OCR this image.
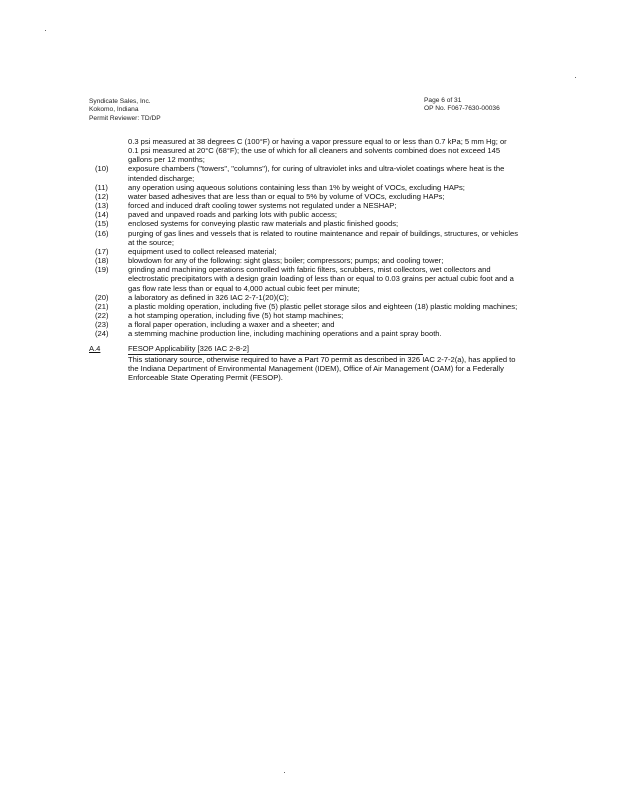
Syndicate Sales, Inc.
Kokomo, Indiana
Permit Reviewer: TD/DP
Page 6 of 31
OP No. F067-7630-00036
0.3 psi measured at 38 degrees C (100°F) or having a vapor pressure equal to or less than 0.7 kPa; 5 mm Hg; or 0.1 psi measured at 20°C (68°F); the use of which for all cleaners and solvents combined does not exceed 145 gallons per 12 months;
(10)	exposure chambers ("towers", "columns"), for curing of ultraviolet inks and ultra-violet coatings where heat is the intended discharge;
(11)	any operation using aqueous solutions containing less than 1% by weight of VOCs, excluding HAPs;
(12)	water based adhesives that are less than or equal to 5% by volume of VOCs, excluding HAPs;
(13)	forced and induced draft cooling tower systems not regulated under a NESHAP;
(14)	paved and unpaved roads and parking lots with public access;
(15)	enclosed systems for conveying plastic raw materials and plastic finished goods;
(16)	purging of gas lines and vessels that is related to routine maintenance and repair of buildings, structures, or vehicles at the source;
(17)	equipment used to collect released material;
(18)	blowdown for any of the following: sight glass; boiler; compressors; pumps; and cooling tower;
(19)	grinding and machining operations controlled with fabric filters, scrubbers, mist collectors, wet collectors and electrostatic precipitators with a design grain loading of less than or equal to 0.03 grains per actual cubic foot and a gas flow rate less than or equal to 4,000 actual cubic feet per minute;
(20)	a laboratory as defined in 326 IAC 2-7-1(20)(C);
(21)	a plastic molding operation, including five (5) plastic pellet storage silos and eighteen (18) plastic molding machines;
(22)	a hot stamping operation, including five (5) hot stamp machines;
(23)	a floral paper operation, including a waxer and a sheeter; and
(24)	a stemming machine production line, including machining operations and a paint spray booth.
A.4	FESOP Applicability [326 IAC 2-8-2]
This stationary source, otherwise required to have a Part 70 permit as described in 326 IAC 2-7-2(a), has applied to the Indiana Department of Environmental Management (IDEM), Office of Air Management (OAM) for a Federally Enforceable State Operating Permit (FESOP).
